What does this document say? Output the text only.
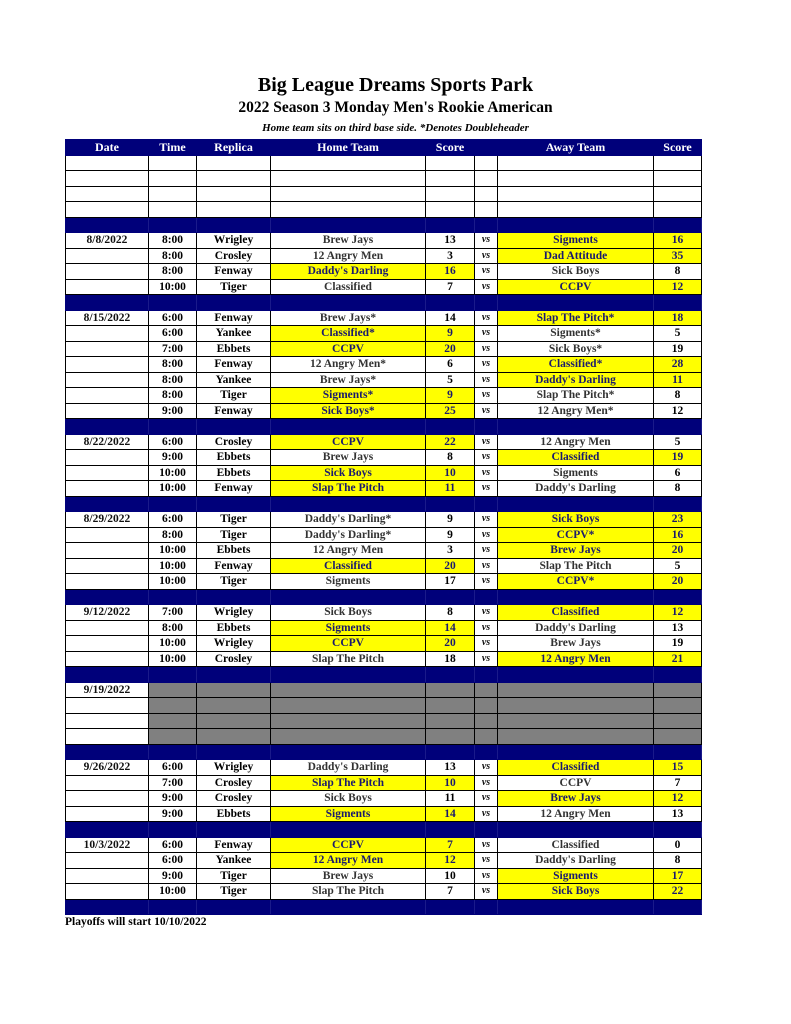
Big League Dreams Sports Park
2022 Season 3 Monday Men's Rookie American
Home team sits on third base side. *Denotes Doubleheader
Date	Time	Replica	Home Team	Score		Away Team	Score

8/8/2022	8:00	Wrigley	Brew Jays	13	vs	Sigments	16
	8:00	Crosley	12 Angry Men	3	vs	Dad Attitude	35
	8:00	Fenway	Daddy's Darling	16	vs	Sick Boys	8
	10:00	Tiger	Classified	7	vs	CCPV	12

8/15/2022	6:00	Fenway	Brew Jays*	14	vs	Slap The Pitch*	18
	6:00	Yankee	Classified*	9	vs	Sigments*	5
	7:00	Ebbets	CCPV	20	vs	Sick Boys*	19
	8:00	Fenway	12 Angry Men*	6	vs	Classified*	28
	8:00	Yankee	Brew Jays*	5	vs	Daddy's Darling	11
	8:00	Tiger	Sigments*	9	vs	Slap The Pitch*	8
	9:00	Fenway	Sick Boys*	25	vs	12 Angry Men*	12

8/22/2022	6:00	Crosley	CCPV	22	vs	12 Angry Men	5
	9:00	Ebbets	Brew Jays	8	vs	Classified	19
	10:00	Ebbets	Sick Boys	10	vs	Sigments	6
	10:00	Fenway	Slap The Pitch	11	vs	Daddy's Darling	8

8/29/2022	6:00	Tiger	Daddy's Darling*	9	vs	Sick Boys	23
	8:00	Tiger	Daddy's Darling*	9	vs	CCPV*	16
	10:00	Ebbets	12 Angry Men	3	vs	Brew Jays	20
	10:00	Fenway	Classified	20	vs	Slap The Pitch	5
	10:00	Tiger	Sigments	17	vs	CCPV*	20

9/12/2022	7:00	Wrigley	Sick Boys	8	vs	Classified	12
	8:00	Ebbets	Sigments	14	vs	Daddy's Darling	13
	10:00	Wrigley	CCPV	20	vs	Brew Jays	19
	10:00	Crosley	Slap The Pitch	18	vs	12 Angry Men	21

9/19/2022							

9/26/2022	6:00	Wrigley	Daddy's Darling	13	vs	Classified	15
	7:00	Crosley	Slap The Pitch	10	vs	CCPV	7
	9:00	Crosley	Sick Boys	11	vs	Brew Jays	12
	9:00	Ebbets	Sigments	14	vs	12 Angry Men	13

10/3/2022	6:00	Fenway	CCPV	7	vs	Classified	0
	6:00	Yankee	12 Angry Men	12	vs	Daddy's Darling	8
	9:00	Tiger	Brew Jays	10	vs	Sigments	17
	10:00	Tiger	Slap The Pitch	7	vs	Sick Boys	22

Playoffs will start 10/10/2022
